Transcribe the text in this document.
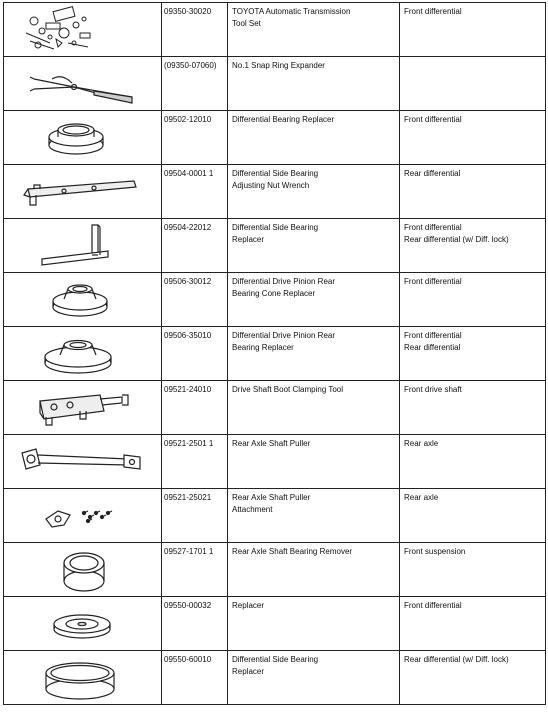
09350-30020	TOYOTA Automatic Transmission
Tool Set	Front differential

(09350-07060)	No.1 Snap Ring Expander	

09502-12010	Differential Bearing Replacer	Front differential

09504-0001 1	Differential Side Bearing
Adjusting Nut Wrench	Rear differential

09504-22012	Differential Side Bearing
Replacer	Front differential
Rear differential (w/ Diff. lock)

09506-30012	Differential Drive Pinion Rear
Bearing Cone Replacer	Front differential

09506-35010	Differential Drive Pinion Rear
Bearing Replacer	Front differential
Rear differential

09521-24010	Drive Shaft Boot Clamping Tool	Front drive shaft

09521-2501 1	Rear Axle Shaft Puller	Rear axle

09521-25021	Rear Axle Shaft Puller
Attachment	Rear axle

09527-1701 1	Rear Axle Shaft Bearing Remover	Front suspension

09550-00032	Replacer	Front differential

09550-60010	Differential Side Bearing
Replacer	Rear differential (w/ Diff. lock)
